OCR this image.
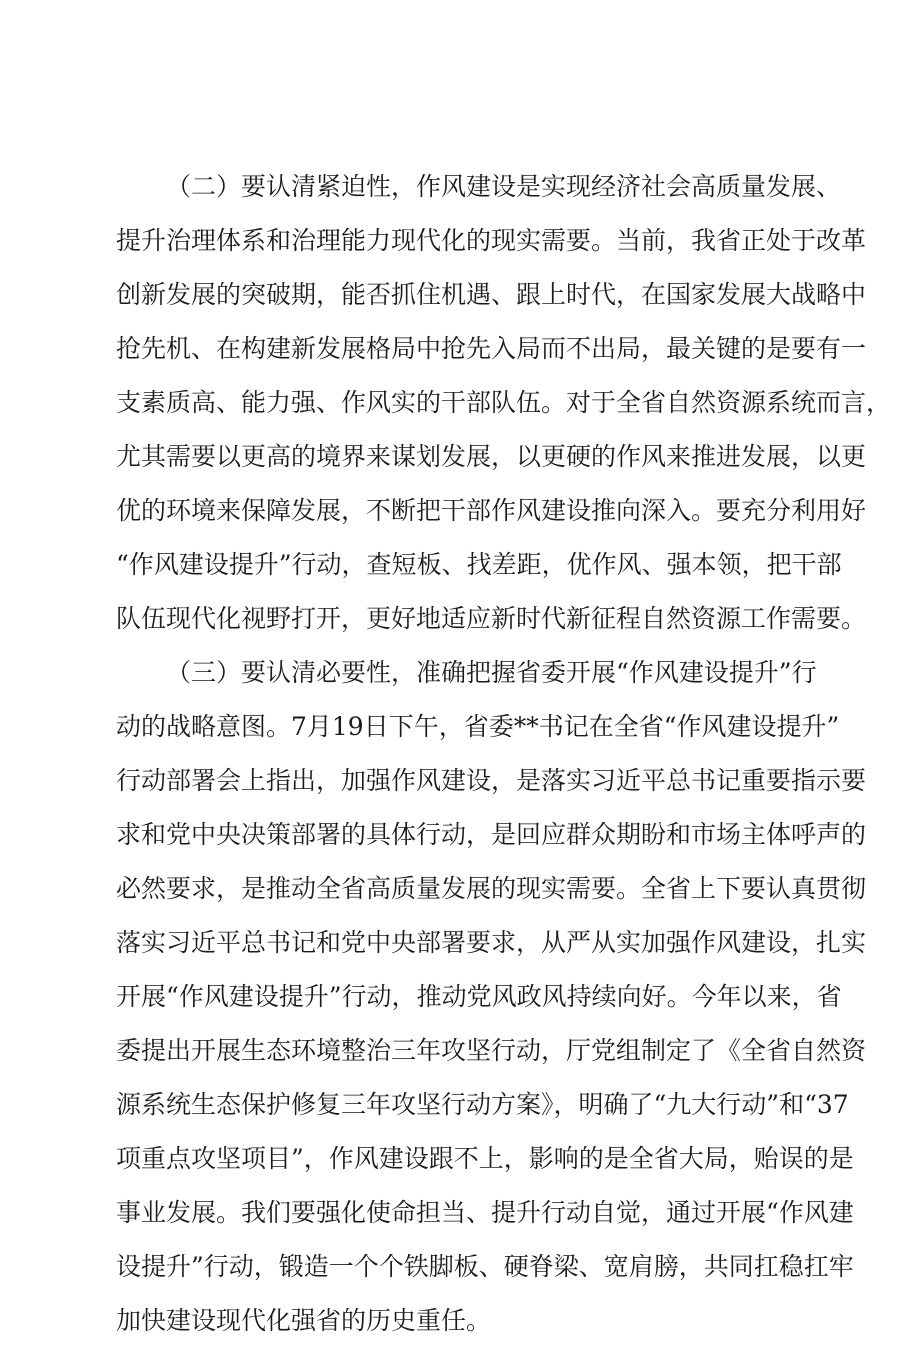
（二）要认清紧迫性，作风建设是实现经济社会高质量发展、
提升治理体系和治理能力现代化的现实需要。当前，我省正处于改革
创新发展的突破期，能否抓住机遇、跟上时代，在国家发展大战略中
抢先机、在构建新发展格局中抢先入局而不出局，最关键的是要有一
支素质高、能力强、作风实的干部队伍。对于全省自然资源系统而言，
尤其需要以更高的境界来谋划发展，以更硬的作风来推进发展，以更
优的环境来保障发展，不断把干部作风建设推向深入。要充分利用好
“作风建设提升”行动，查短板、找差距，优作风、强本领，把干部
队伍现代化视野打开，更好地适应新时代新征程自然资源工作需要。
（三）要认清必要性，准确把握省委开展“作风建设提升”行
动的战略意图。7月19日下午，省委**书记在全省“作风建设提升”
行动部署会上指出，加强作风建设，是落实习近平总书记重要指示要
求和党中央决策部署的具体行动，是回应群众期盼和市场主体呼声的
必然要求，是推动全省高质量发展的现实需要。全省上下要认真贯彻
落实习近平总书记和党中央部署要求，从严从实加强作风建设，扎实
开展“作风建设提升”行动，推动党风政风持续向好。今年以来，省
委提出开展生态环境整治三年攻坚行动，厅党组制定了《全省自然资
源系统生态保护修复三年攻坚行动方案》，明确了“九大行动”和“37
项重点攻坚项目”，作风建设跟不上，影响的是全省大局，贻误的是
事业发展。我们要强化使命担当、提升行动自觉，通过开展“作风建
设提升”行动，锻造一个个铁脚板、硬脊梁、宽肩膀，共同扛稳扛牢
加快建设现代化强省的历史重任。
